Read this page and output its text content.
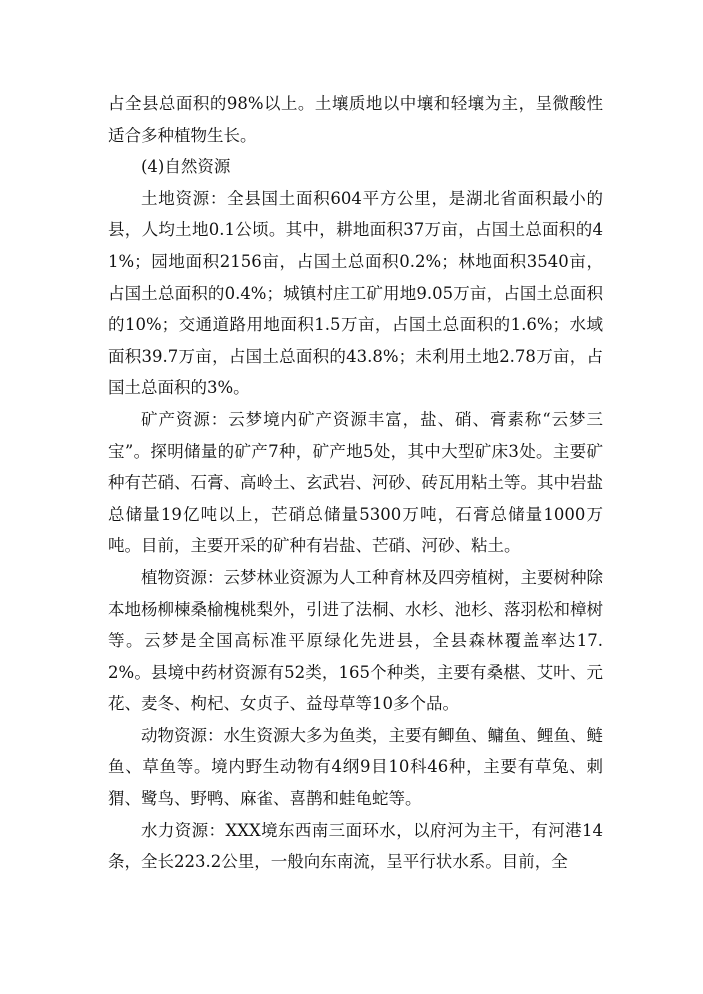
占全县总面积的98%以上。土壤质地以中壤和轻壤为主，呈微酸性适合多种植物生长。

(4)自然资源

土地资源：全县国土面积604平方公里，是湖北省面积最小的县，人均土地0.1公顷。其中，耕地面积37万亩，占国土总面积的41%；园地面积2156亩，占国土总面积0.2%；林地面积3540亩，占国土总面积的0.4%；城镇村庄工矿用地9.05万亩，占国土总面积的10%；交通道路用地面积1.5万亩，占国土总面积的1.6%；水域面积39.7万亩，占国土总面积的43.8%；未利用土地2.78万亩，占国土总面积的3%。

矿产资源：云梦境内矿产资源丰富，盐、硝、膏素称“云梦三宝”。探明储量的矿产7种，矿产地5处，其中大型矿床3处。主要矿种有芒硝、石膏、高岭土、玄武岩、河砂、砖瓦用粘土等。其中岩盐总储量19亿吨以上，芒硝总储量5300万吨，石膏总储量1000万吨。目前，主要开采的矿种有岩盐、芒硝、河砂、粘土。

植物资源：云梦林业资源为人工种育林及四旁植树，主要树种除本地杨柳楝桑榆槐桃梨外，引进了法桐、水杉、池杉、落羽松和樟树等。云梦是全国高标准平原绿化先进县，全县森林覆盖率达17.2%。县境中药材资源有52类，165个种类，主要有桑椹、艾叶、元花、麦冬、枸杞、女贞子、益母草等10多个品。

动物资源：水生资源大多为鱼类，主要有鲫鱼、鳙鱼、鲤鱼、鲢鱼、草鱼等。境内野生动物有4纲9目10科46种，主要有草兔、刺猬、鹭鸟、野鸭、麻雀、喜鹊和蛙龟蛇等。

水力资源：XXX境东西南三面环水，以府河为主干，有河港14条，全长223.2公里，一般向东南流，呈平行状水系。目前，全
